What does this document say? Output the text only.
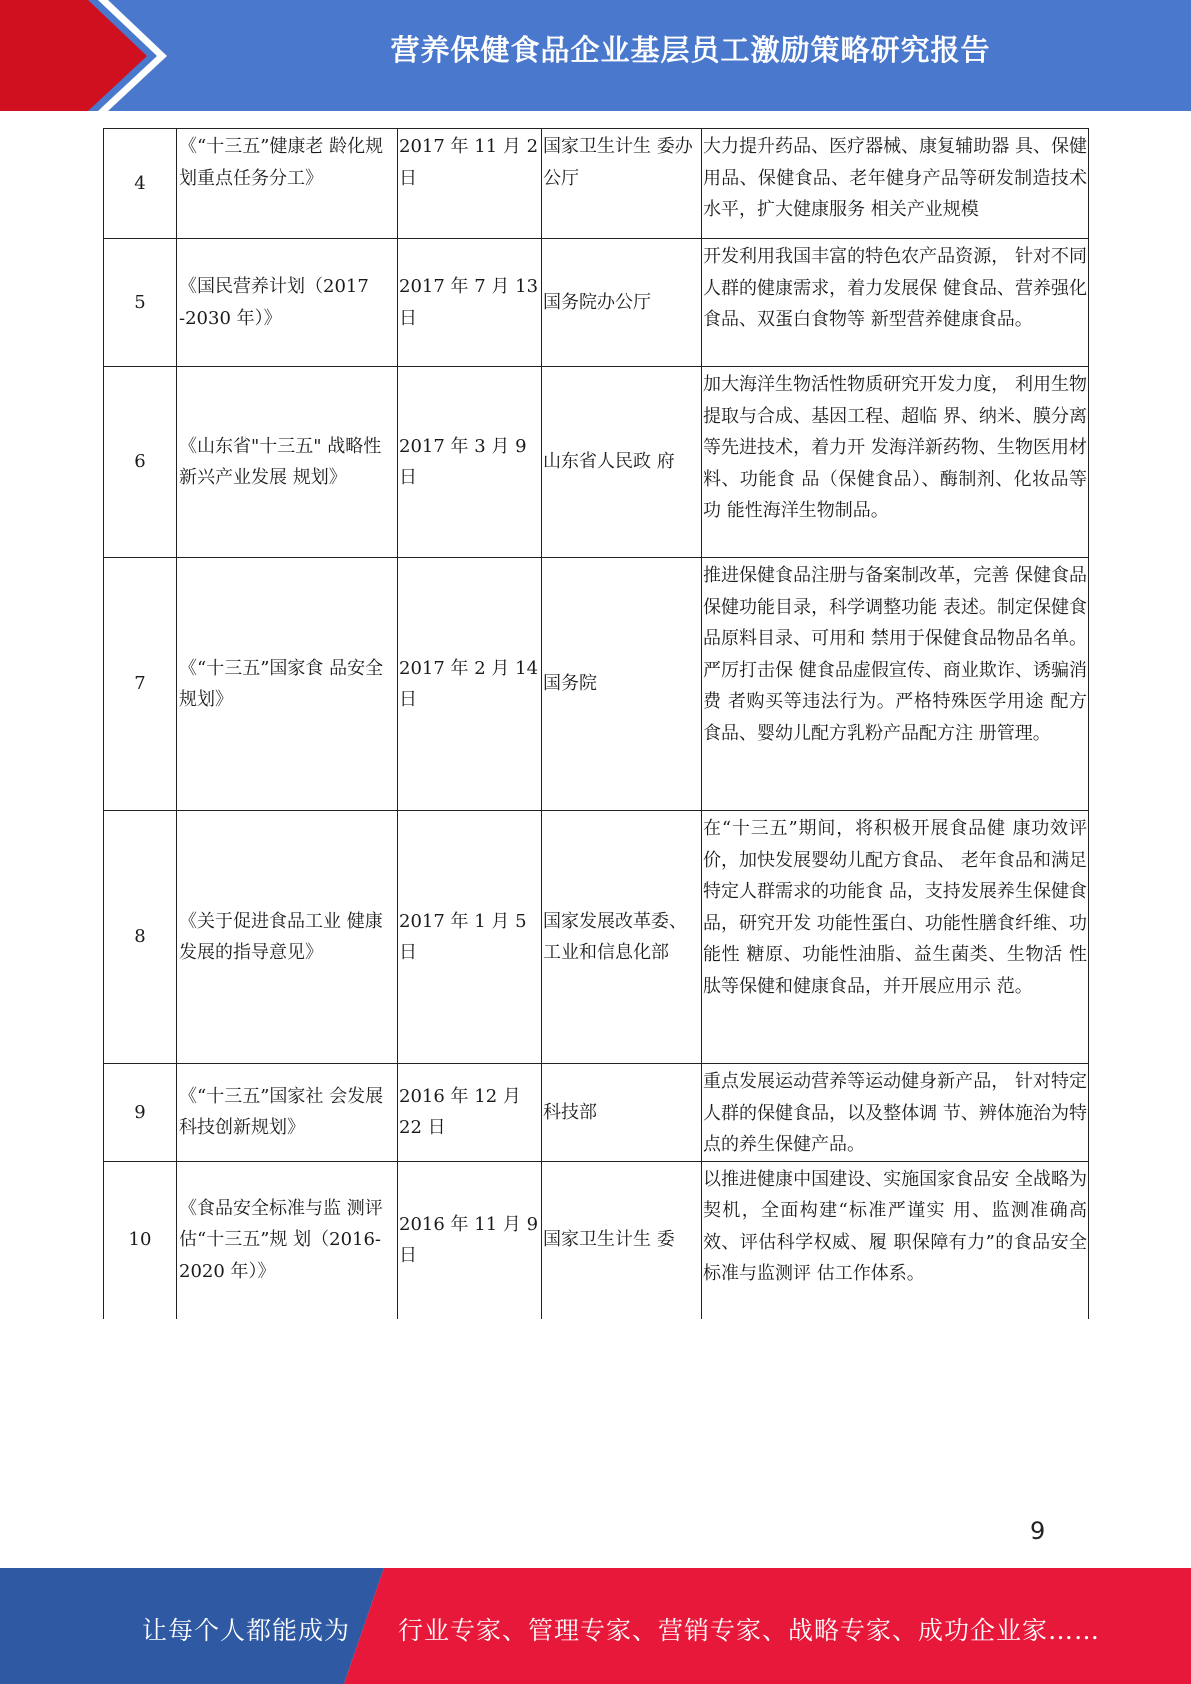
营养保健食品企业基层员工激励策略研究报告
4	《“十三五”健康老 龄化规划重点任务分工》	2017 年 11 月 2 日	国家卫生计生 委办公厅	大力提升药品、医疗器械、康复辅助器 具、保健用品、保健食品、老年健身产品等研发制造技术水平，扩大健康服务 相关产业规模

5	《国民营养计划（2017 -2030 年）》	2017 年 7 月 13 日	国务院办公厅	开发利用我国丰富的特色农产品资源， 针对不同人群的健康需求，着力发展保 健食品、营养强化食品、双蛋白食物等 新型营养健康食品。
6	《山东省"十三五" 战略性新兴产业发展 规划》	2017 年 3 月 9 日	山东省人民政 府	加大海洋生物活性物质研究开发力度， 利用生物提取与合成、基因工程、超临 界、纳米、膜分离等先进技术，着力开 发海洋新药物、生物医用材料、功能食 品（保健食品）、酶制剂、化妆品等功 能性海洋生物制品。
7	《“十三五”国家食 品安全规划》	2017 年 2 月 14 日	国务院	推进保健食品注册与备案制改革，完善 保健食品保健功能目录，科学调整功能 表述。制定保健食品原料目录、可用和 禁用于保健食品物品名单。严厉打击保 健食品虚假宣传、商业欺诈、诱骗消费 者购买等违法行为。严格特殊医学用途 配方食品、婴幼儿配方乳粉产品配方注 册管理。
8	《关于促进食品工业 健康发展的指导意见》	2017 年 1 月 5 日	国家发展改革委、工业和信息化部	在“十三五”期间，将积极开展食品健 康功效评价，加快发展婴幼儿配方食品、 老年食品和满足特定人群需求的功能食 品，支持发展养生保健食品，研究开发 功能性蛋白、功能性膳食纤维、功能性 糖原、功能性油脂、益生菌类、生物活 性肽等保健和健康食品，并开展应用示 范。
9	《“十三五”国家社 会发展科技创新规划》	2016 年 12 月 22 日	科技部	重点发展运动营养等运动健身新产品， 针对特定人群的保健食品，以及整体调 节、辨体施治为特点的养生保健产品。
10	《食品安全标准与监 测评估“十三五”规 划（2016-2020 年）》	2016 年 11 月 9 日	国家卫生计生 委	以推进健康中国建设、实施国家食品安 全战略为契机，全面构建“标准严谨实 用、监测准确高效、评估科学权威、履 职保障有力”的食品安全标准与监测评 估工作体系。
9
让每个人都能成为 行业专家、管理专家、营销专家、战略专家、成功企业家……
